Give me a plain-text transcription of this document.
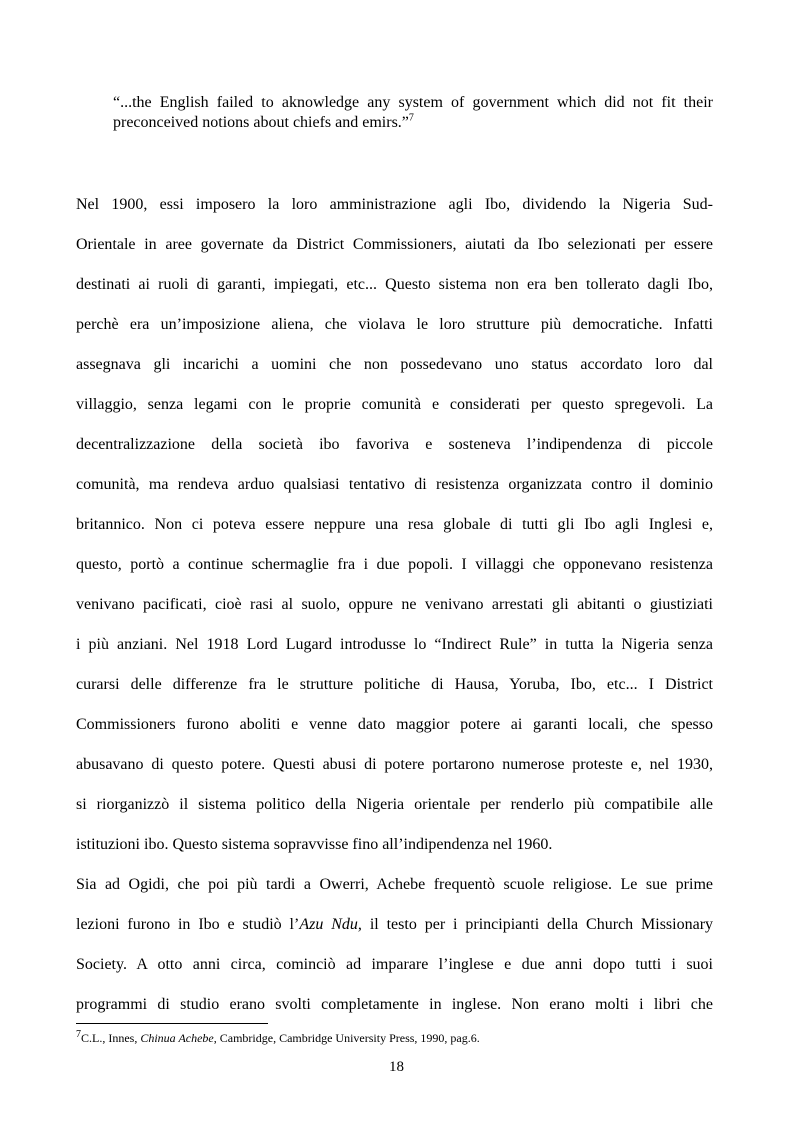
“...the English failed to aknowledge any system of government which did not fit their preconceived notions about chiefs and emirs.”$^7$

Nel 1900, essi imposero la loro amministrazione agli Ibo, dividendo la Nigeria Sud-
Orientale in aree governate da District Commissioners, aiutati da Ibo selezionati per essere
destinati ai ruoli di garanti, impiegati, etc... Questo sistema non era ben tollerato dagli Ibo,
perchè era un’imposizione aliena, che violava le loro strutture più democratiche. Infatti
assegnava gli incarichi a uomini che non possedevano uno status accordato loro dal
villaggio, senza legami con le proprie comunità e considerati per questo spregevoli. La
decentralizzazione della società ibo favoriva e sosteneva l’indipendenza di piccole
comunità, ma rendeva arduo qualsiasi tentativo di resistenza organizzata contro il dominio
britannico. Non ci poteva essere neppure una resa globale di tutti gli Ibo agli Inglesi e,
questo, portò a continue schermaglie fra i due popoli. I villaggi che opponevano resistenza
venivano pacificati, cioè rasi al suolo, oppure ne venivano arrestati gli abitanti o giustiziati
i più anziani. Nel 1918 Lord Lugard introdusse lo “Indirect Rule” in tutta la Nigeria senza
curarsi delle differenze fra le strutture politiche di Hausa, Yoruba, Ibo, etc... I District
Commissioners furono aboliti e venne dato maggior potere ai garanti locali, che spesso
abusavano di questo potere. Questi abusi di potere portarono numerose proteste e, nel 1930,
si riorganizzò il sistema politico della Nigeria orientale per renderlo più compatibile alle
istituzioni ibo. Questo sistema sopravvisse fino all’indipendenza nel 1960.
Sia ad Ogidi, che poi più tardi a Owerri, Achebe frequentò scuole religiose. Le sue prime
lezioni furono in Ibo e studiò l’Azu Ndu, il testo per i principianti della Church Missionary
Society. A otto anni circa, cominciò ad imparare l’inglese e due anni dopo tutti i suoi
programmi di studio erano svolti completamente in inglese. Non erano molti i libri che

$^7$C.L., Innes, Chinua Achebe, Cambridge, Cambridge University Press, 1990, pag.6.

18
